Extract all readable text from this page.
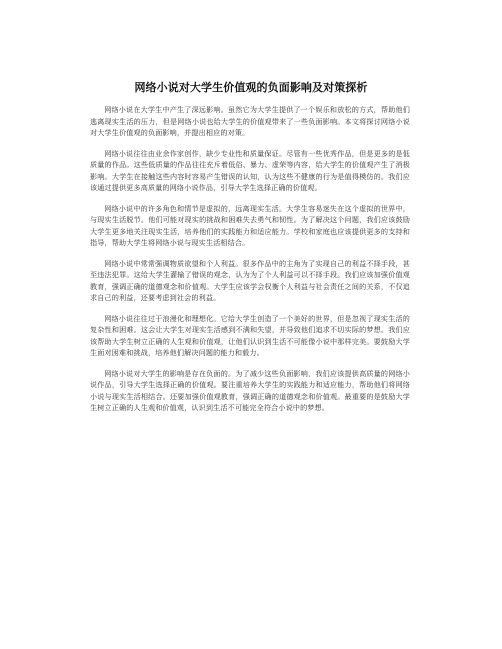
网络小说对大学生价值观的负面影响及对策探析

网络小说在大学生中产生了深远影响。虽然它为大学生提供了一个娱乐和放松的方式，帮助他们逃离现实生活的压力，但是网络小说也给大学生的价值观带来了一些负面影响。本文将探讨网络小说对大学生价值观的负面影响，并提出相应的对策。

网络小说往往由业余作家创作，缺少专业性和质量保证。尽管有一些优秀作品，但是更多的是低质量的作品。这些低质量的作品往往充斥着低俗、暴力、虚荣等内容，给大学生的价值观产生了消极影响。大学生在接触这些内容时容易产生错误的认知，认为这些不健康的行为是值得模仿的。我们应该通过提供更多高质量的网络小说作品，引导大学生选择正确的价值观。

网络小说中的许多角色和情节是虚拟的，远离现实生活。大学生容易迷失在这个虚拟的世界中，与现实生活脱节。他们可能对现实的挑战和困难失去勇气和韧性。为了解决这个问题，我们应该鼓励大学生更多地关注现实生活，培养他们的实践能力和适应能力。学校和家庭也应该提供更多的支持和指导，帮助大学生将网络小说与现实生活相结合。

网络小说中常常强调物质欲望和个人利益。很多作品中的主角为了实现自己的利益不择手段，甚至违法犯罪。这给大学生灌输了错误的观念，认为为了个人利益可以不择手段。我们应该加强价值观教育，强调正确的道德观念和价值观。大学生应该学会权衡个人利益与社会责任之间的关系，不仅追求自己的利益，还要考虑到社会的利益。

网络小说往往过于浪漫化和理想化。它给大学生创造了一个美好的世界，但是忽视了现实生活的复杂性和困难。这会让大学生对现实生活感到不满和失望，并导致他们追求不切实际的梦想。我们应该帮助大学生树立正确的人生观和价值观，让他们认识到生活不可能像小说中那样完美。要鼓励大学生面对困难和挑战，培养他们解决问题的能力和毅力。

网络小说对大学生的影响是存在负面的。为了减少这些负面影响，我们应该提供高质量的网络小说作品，引导大学生选择正确的价值观。要注重培养大学生的实践能力和适应能力，帮助他们将网络小说与现实生活相结合。还要加强价值观教育，强调正确的道德观念和价值观。最重要的是鼓励大学生树立正确的人生观和价值观，认识到生活不可能完全符合小说中的梦想。
